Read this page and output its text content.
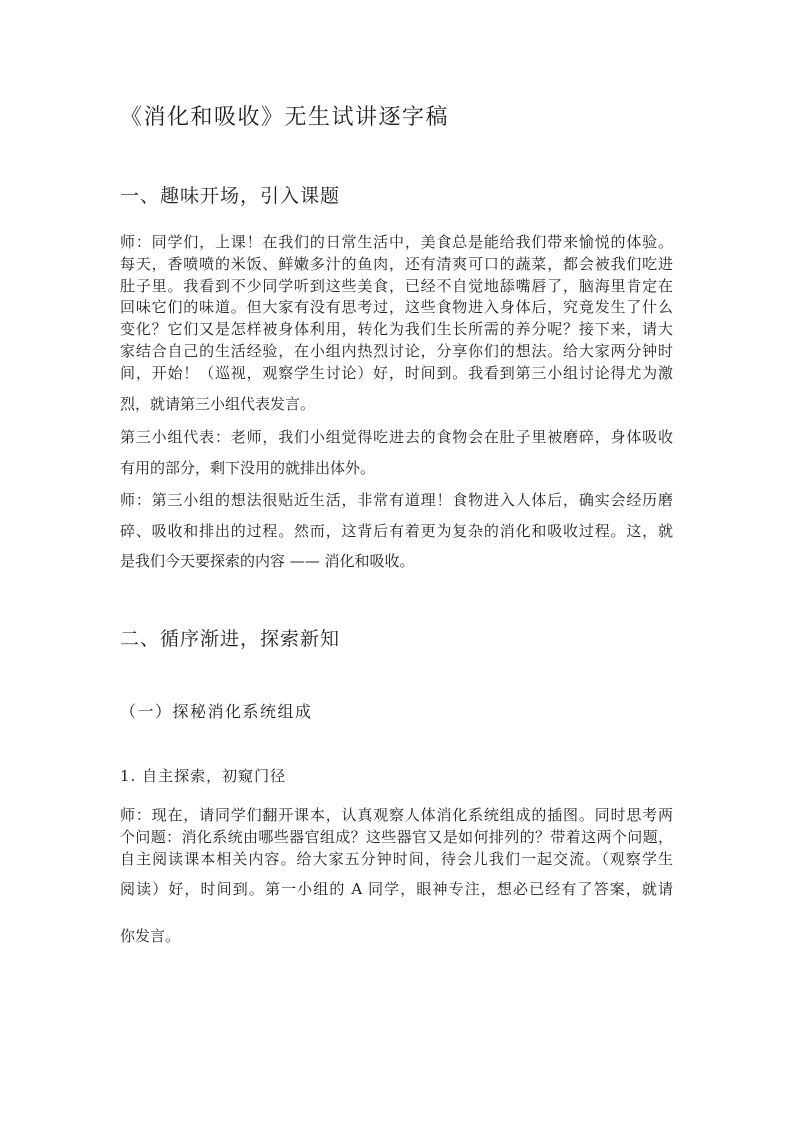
《消化和吸收》无生试讲逐字稿
一、趣味开场，引入课题
师：同学们，上课！在我们的日常生活中，美食总是能给我们带来愉悦的体验。
每天，香喷喷的米饭、鲜嫩多汁的鱼肉，还有清爽可口的蔬菜，都会被我们吃进
肚子里。我看到不少同学听到这些美食，已经不自觉地舔嘴唇了，脑海里肯定在
回味它们的味道。但大家有没有思考过，这些食物进入身体后，究竟发生了什么
变化？它们又是怎样被身体利用，转化为我们生长所需的养分呢？接下来，请大
家结合自己的生活经验，在小组内热烈讨论，分享你们的想法。给大家两分钟时
间，开始！（巡视，观察学生讨论）好，时间到。我看到第三小组讨论得尤为激
烈，就请第三小组代表发言。
第三小组代表：老师，我们小组觉得吃进去的食物会在肚子里被磨碎，身体吸收
有用的部分，剩下没用的就排出体外。
师：第三小组的想法很贴近生活，非常有道理！食物进入人体后，确实会经历磨
碎、吸收和排出的过程。然而，这背后有着更为复杂的消化和吸收过程。这，就
是我们今天要探索的内容 —— 消化和吸收。
二、循序渐进，探索新知
（一）探秘消化系统组成
1. 自主探索，初窥门径
师：现在，请同学们翻开课本，认真观察人体消化系统组成的插图。同时思考两
个问题：消化系统由哪些器官组成？这些器官又是如何排列的？带着这两个问题，
自主阅读课本相关内容。给大家五分钟时间，待会儿我们一起交流。（观察学生
阅读）好，时间到。第一小组的 A 同学，眼神专注，想必已经有了答案，就请
你发言。
